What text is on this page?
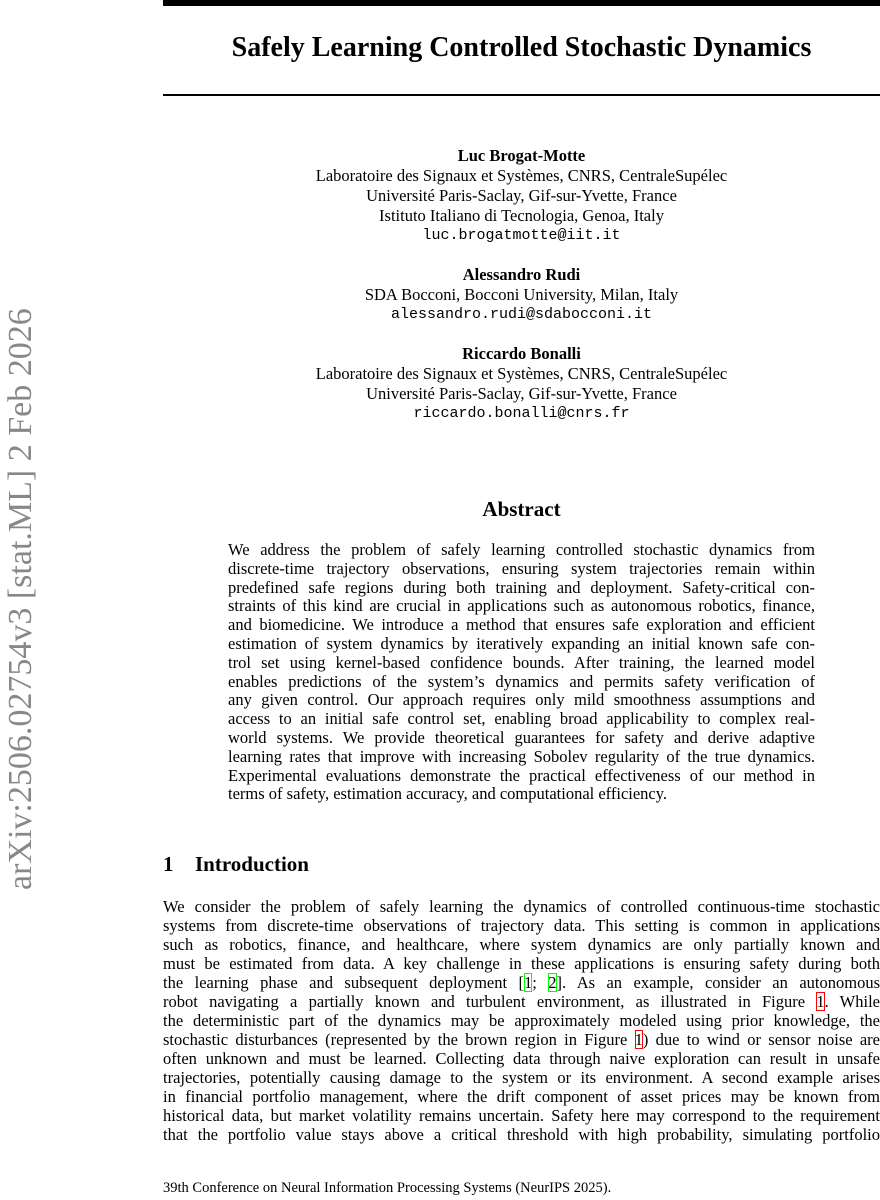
arXiv:2506.02754v3 [stat.ML] 2 Feb 2026
Safely Learning Controlled Stochastic Dynamics
Luc Brogat-Motte
Laboratoire des Signaux et Systèmes, CNRS, CentraleSupélec
Université Paris-Saclay, Gif-sur-Yvette, France
Istituto Italiano di Tecnologia, Genoa, Italy
luc.brogatmotte@iit.it
Alessandro Rudi
SDA Bocconi, Bocconi University, Milan, Italy
alessandro.rudi@sdabocconi.it
Riccardo Bonalli
Laboratoire des Signaux et Systèmes, CNRS, CentraleSupélec
Université Paris-Saclay, Gif-sur-Yvette, France
riccardo.bonalli@cnrs.fr
Abstract
We address the problem of safely learning controlled stochastic dynamics from
discrete-time trajectory observations, ensuring system trajectories remain within
predefined safe regions during both training and deployment. Safety-critical con-
straints of this kind are crucial in applications such as autonomous robotics, finance,
and biomedicine. We introduce a method that ensures safe exploration and efficient
estimation of system dynamics by iteratively expanding an initial known safe con-
trol set using kernel-based confidence bounds. After training, the learned model
enables predictions of the system’s dynamics and permits safety verification of
any given control. Our approach requires only mild smoothness assumptions and
access to an initial safe control set, enabling broad applicability to complex real-
world systems. We provide theoretical guarantees for safety and derive adaptive
learning rates that improve with increasing Sobolev regularity of the true dynamics.
Experimental evaluations demonstrate the practical effectiveness of our method in
terms of safety, estimation accuracy, and computational efficiency.
1 Introduction
We consider the problem of safely learning the dynamics of controlled continuous-time stochastic
systems from discrete-time observations of trajectory data. This setting is common in applications
such as robotics, finance, and healthcare, where system dynamics are only partially known and
must be estimated from data. A key challenge in these applications is ensuring safety during both
the learning phase and subsequent deployment [1; 2]. As an example, consider an autonomous
robot navigating a partially known and turbulent environment, as illustrated in Figure 1. While
the deterministic part of the dynamics may be approximately modeled using prior knowledge, the
stochastic disturbances (represented by the brown region in Figure 1) due to wind or sensor noise are
often unknown and must be learned. Collecting data through naive exploration can result in unsafe
trajectories, potentially causing damage to the system or its environment. A second example arises
in financial portfolio management, where the drift component of asset prices may be known from
historical data, but market volatility remains uncertain. Safety here may correspond to the requirement
that the portfolio value stays above a critical threshold with high probability, simulating portfolio
39th Conference on Neural Information Processing Systems (NeurIPS 2025).
